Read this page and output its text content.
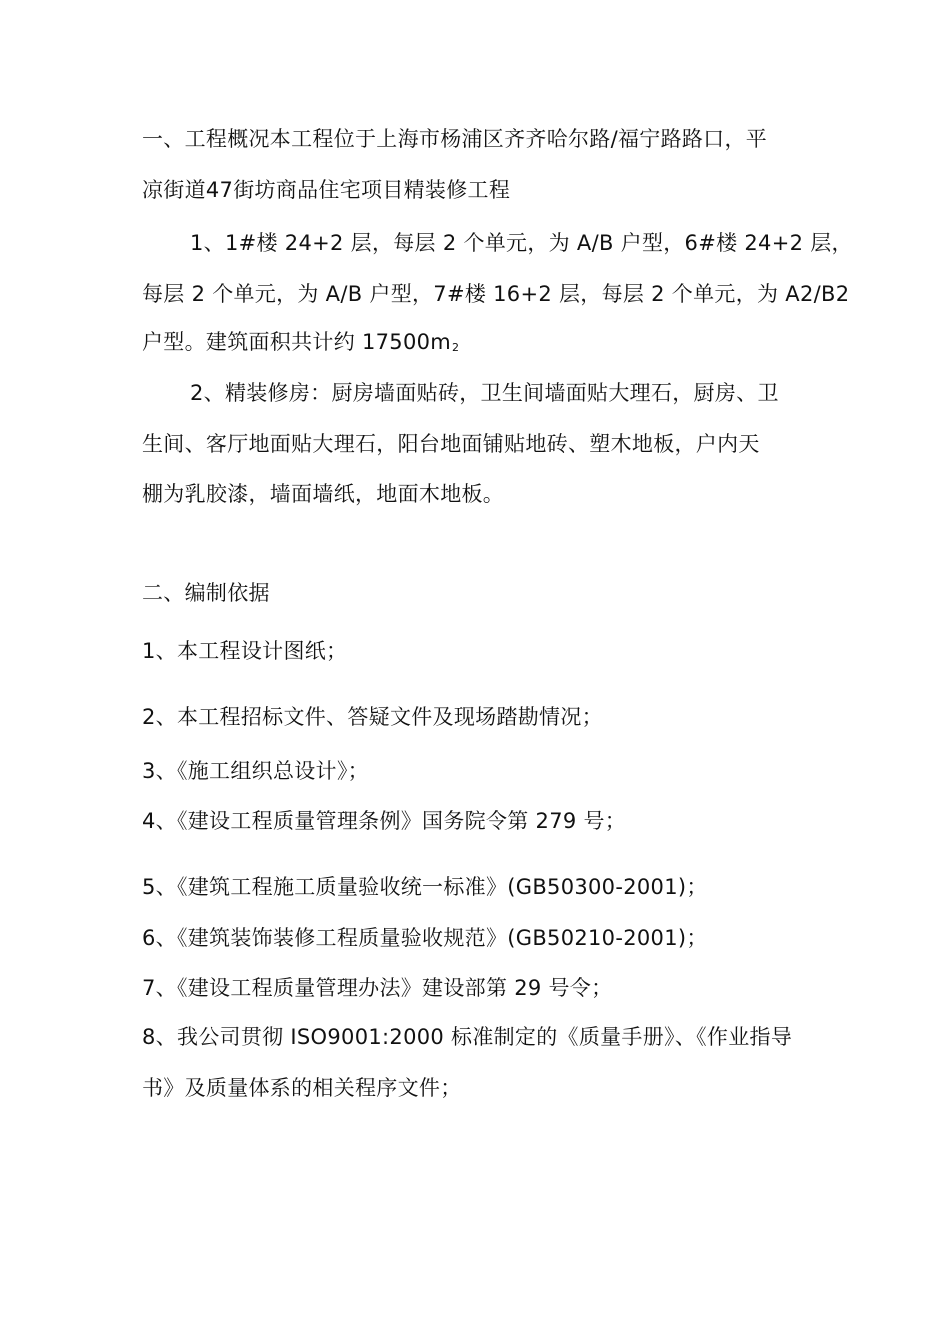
一、工程概况本工程位于上海市杨浦区齐齐哈尔路/福宁路路口，平
凉街道47街坊商品住宅项目精装修工程
1、1#楼 24+2 层，每层 2 个单元，为 A/B 户型，6#楼 24+2 层，
每层 2 个单元，为 A/B 户型，7#楼 16+2 层，每层 2 个单元，为 A2/B2
户型。建筑面积共计约 $17500m_2$
2、精装修房：厨房墙面贴砖，卫生间墙面贴大理石，厨房、卫
生间、客厅地面贴大理石，阳台地面铺贴地砖、塑木地板，户内天
棚为乳胶漆，墙面墙纸，地面木地板。
二、编制依据
1、本工程设计图纸；
2、本工程招标文件、答疑文件及现场踏勘情况；
3、《施工组织总设计》；
4、《建设工程质量管理条例》国务院令第 279 号；
5、《建筑工程施工质量验收统一标准》(GB50300-2001)；
6、《建筑装饰装修工程质量验收规范》(GB50210-2001)；
7、《建设工程质量管理办法》建设部第 29 号令；
8、我公司贯彻 ISO9001:2000 标准制定的《质量手册》、《作业指导
书》及质量体系的相关程序文件；
